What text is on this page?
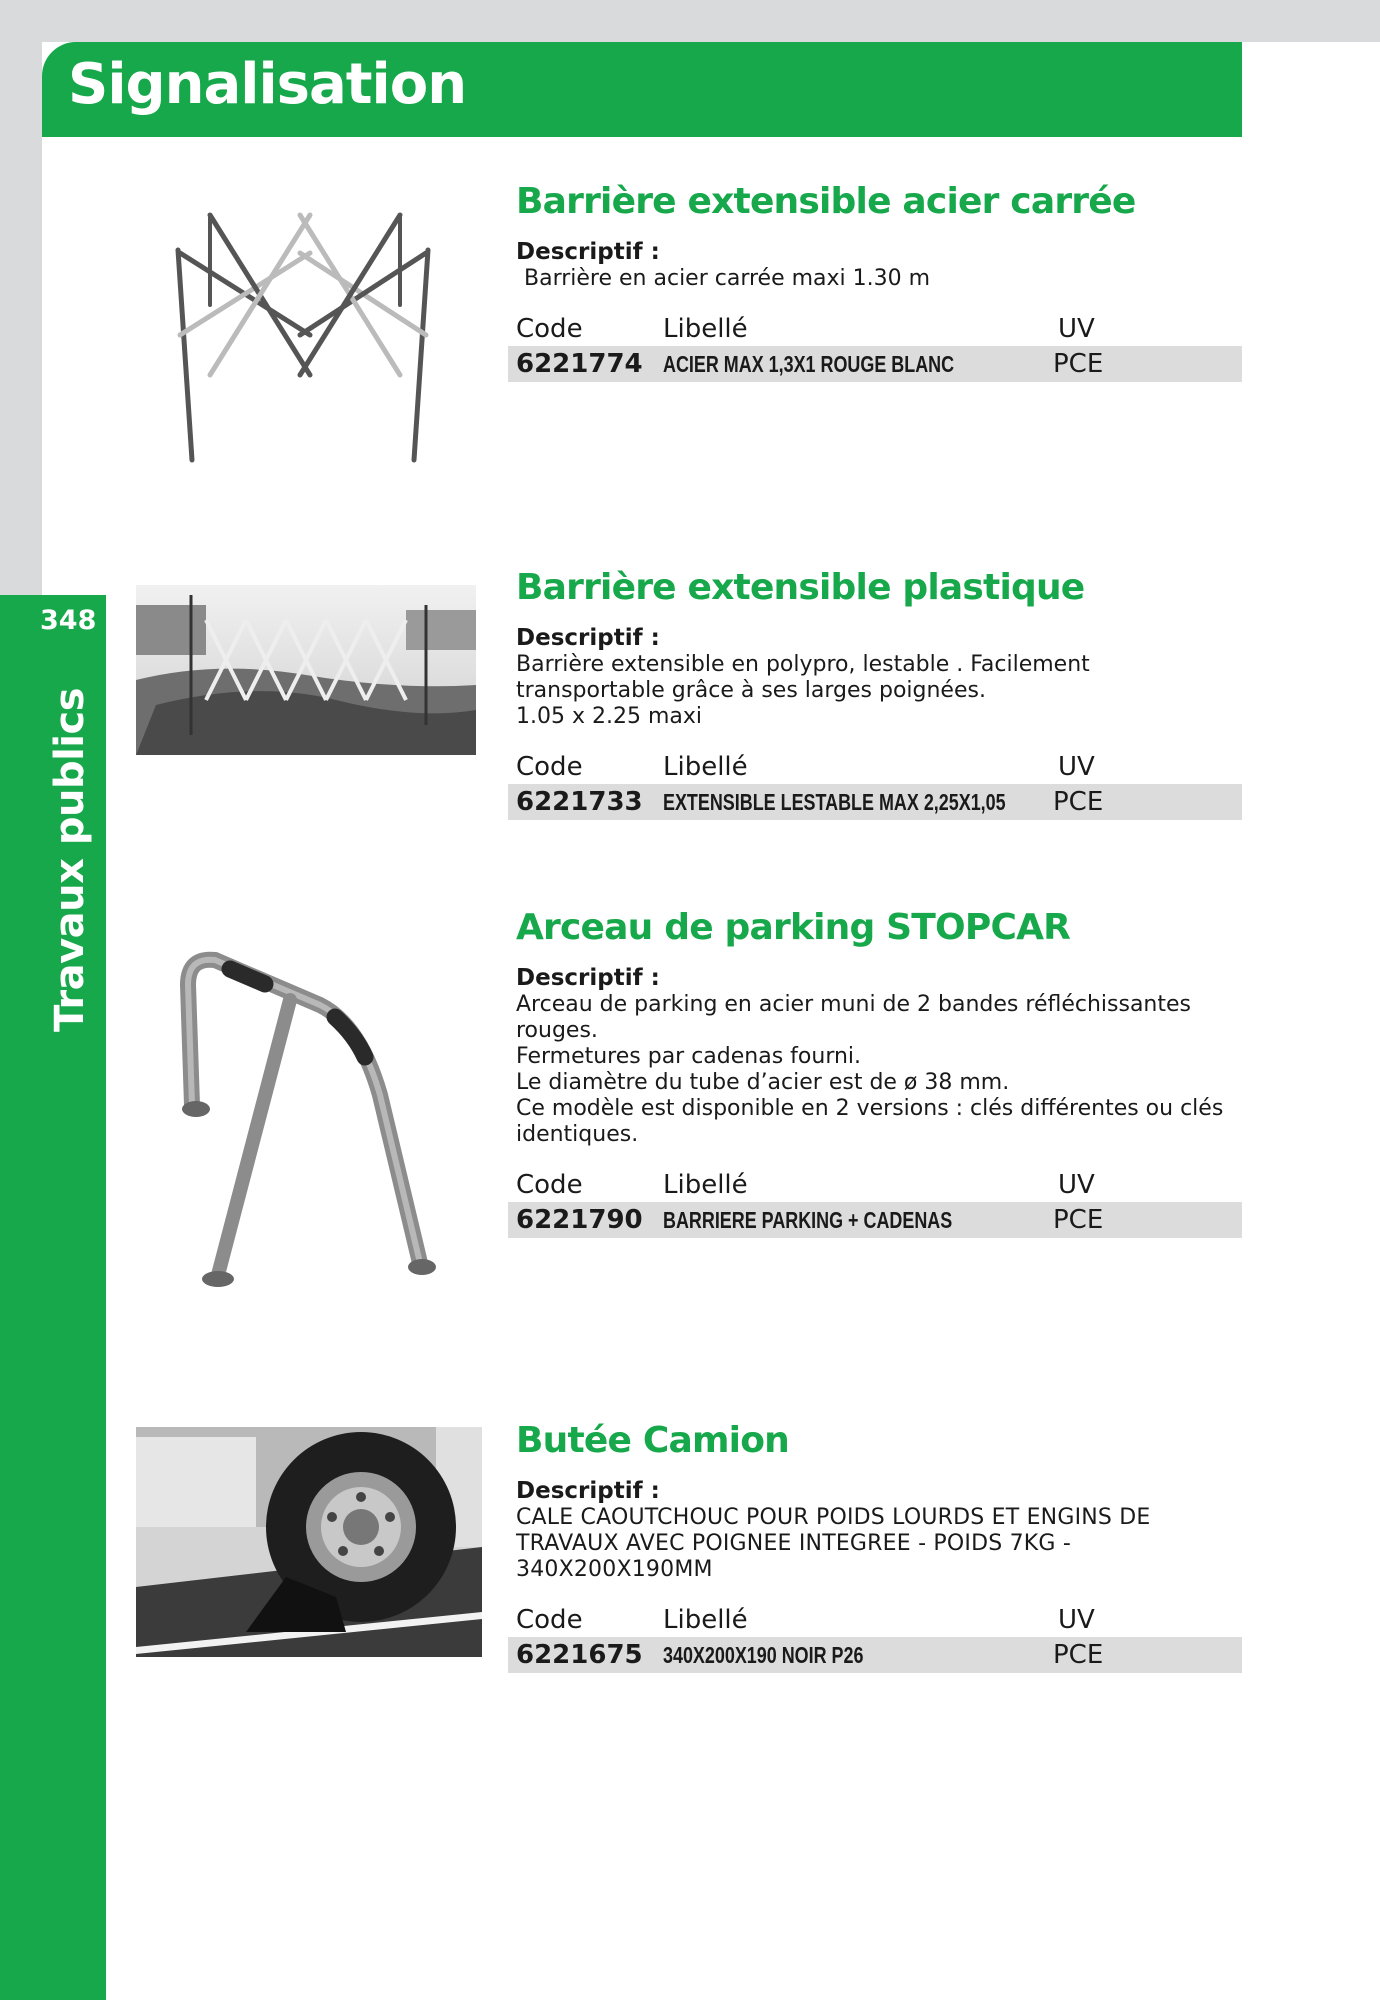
348
Travaux publics
Signalisation
Barrière extensible acier carrée
Descriptif :
Barrière en acier carrée maxi 1.30 m
Code	Libellé	UV
6221774 ACIER MAX 1,3X1 ROUGE BLANC	PCE
Barrière extensible plastique
Descriptif :
Barrière extensible en polypro, lestable . Facilement
transportable grâce à ses larges poignées.
1.05 x 2.25 maxi
Code	Libellé	UV
6221733 EXTENSIBLE LESTABLE MAX 2,25X1,05 PCE
Arceau de parking STOPCAR
Descriptif :
Arceau de parking en acier muni de 2 bandes réfléchissantes
rouges.
Fermetures par cadenas fourni.
Le diamètre du tube d’acier est de ø 38 mm.
Ce modèle est disponible en 2 versions : clés différentes ou clés
identiques.
Code	Libellé	UV
6221790 BARRIERE PARKING + CADENAS	PCE
Butée Camion
Descriptif :
CALE CAOUTCHOUC POUR POIDS LOURDS ET ENGINS DE
TRAVAUX AVEC POIGNEE INTEGREE - POIDS 7KG -
340X200X190MM
Code	Libellé	UV
6221675 340X200X190 NOIR P26	PCE
